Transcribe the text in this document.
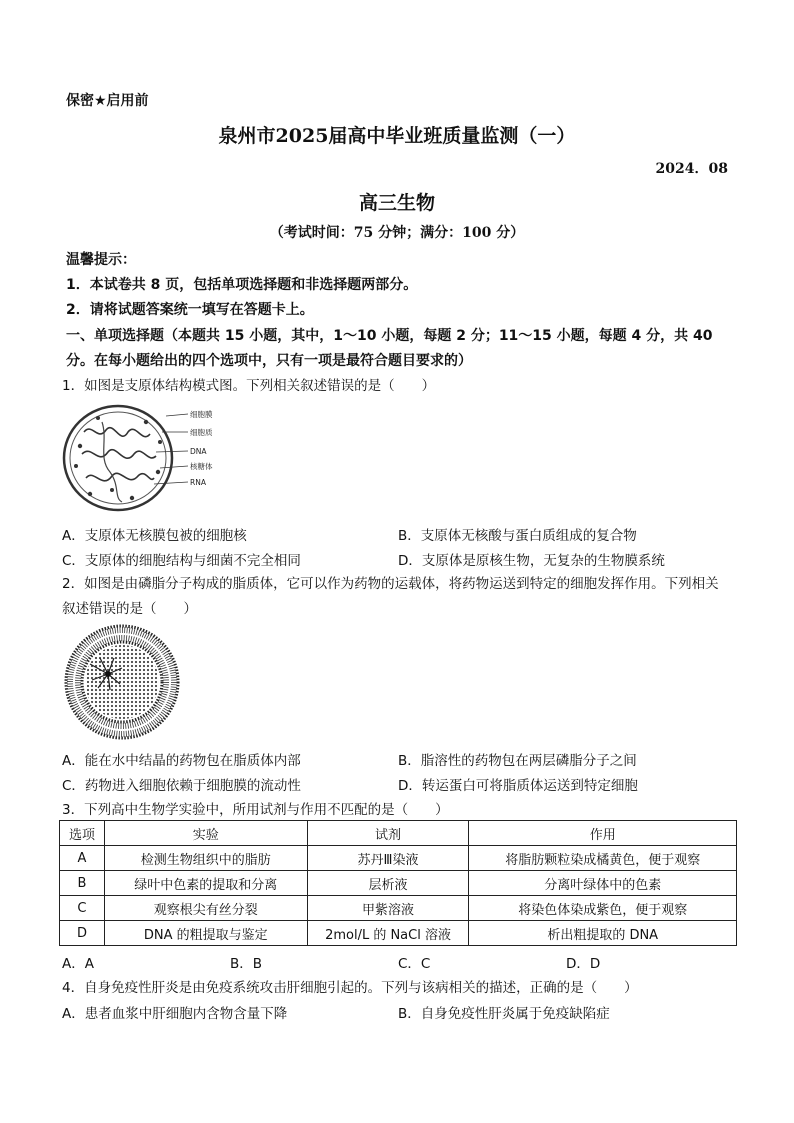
保密★启用前
泉州市2025届高中毕业班质量监测（一）
2024．08
高三生物
（考试时间：75 分钟；满分：100 分）
温馨提示：
1．本试卷共 8 页，包括单项选择题和非选择题两部分。
2．请将试题答案统一填写在答题卡上。
一、单项选择题（本题共 15 小题，其中，1～10 小题，每题 2 分；11～15 小题，每题 4 分，共 40 分。在每小题给出的四个选项中，只有一项是最符合题目要求的）
1．如图是支原体结构模式图。下列相关叙述错误的是（　　）
细胞膜
细胞质
DNA
核糖体
RNA
A．支原体无核膜包被的细胞核	B．支原体无核酸与蛋白质组成的复合物
C．支原体的细胞结构与细菌不完全相同	D．支原体是原核生物，无复杂的生物膜系统
2．如图是由磷脂分子构成的脂质体，它可以作为药物的运载体，将药物运送到特定的细胞发挥作用。下列相关叙述错误的是（　　）
A．能在水中结晶的药物包在脂质体内部	B．脂溶性的药物包在两层磷脂分子之间
C．药物进入细胞依赖于细胞膜的流动性	D．转运蛋白可将脂质体运送到特定细胞
3．下列高中生物学实验中，所用试剂与作用不匹配的是（　　）
选项	实验	试剂	作用
A	检测生物组织中的脂肪	苏丹Ⅲ染液	将脂肪颗粒染成橘黄色，便于观察
B	绿叶中色素的提取和分离	层析液	分离叶绿体中的色素
C	观察根尖有丝分裂	甲紫溶液	将染色体染成紫色，便于观察
D	DNA 的粗提取与鉴定	2mol/L 的 NaCl 溶液	析出粗提取的 DNA
A．A	B．B	C．C	D．D
4．自身免疫性肝炎是由免疫系统攻击肝细胞引起的。下列与该病相关的描述，正确的是（　　）
A．患者血浆中肝细胞内含物含量下降	B．自身免疫性肝炎属于免疫缺陷症
